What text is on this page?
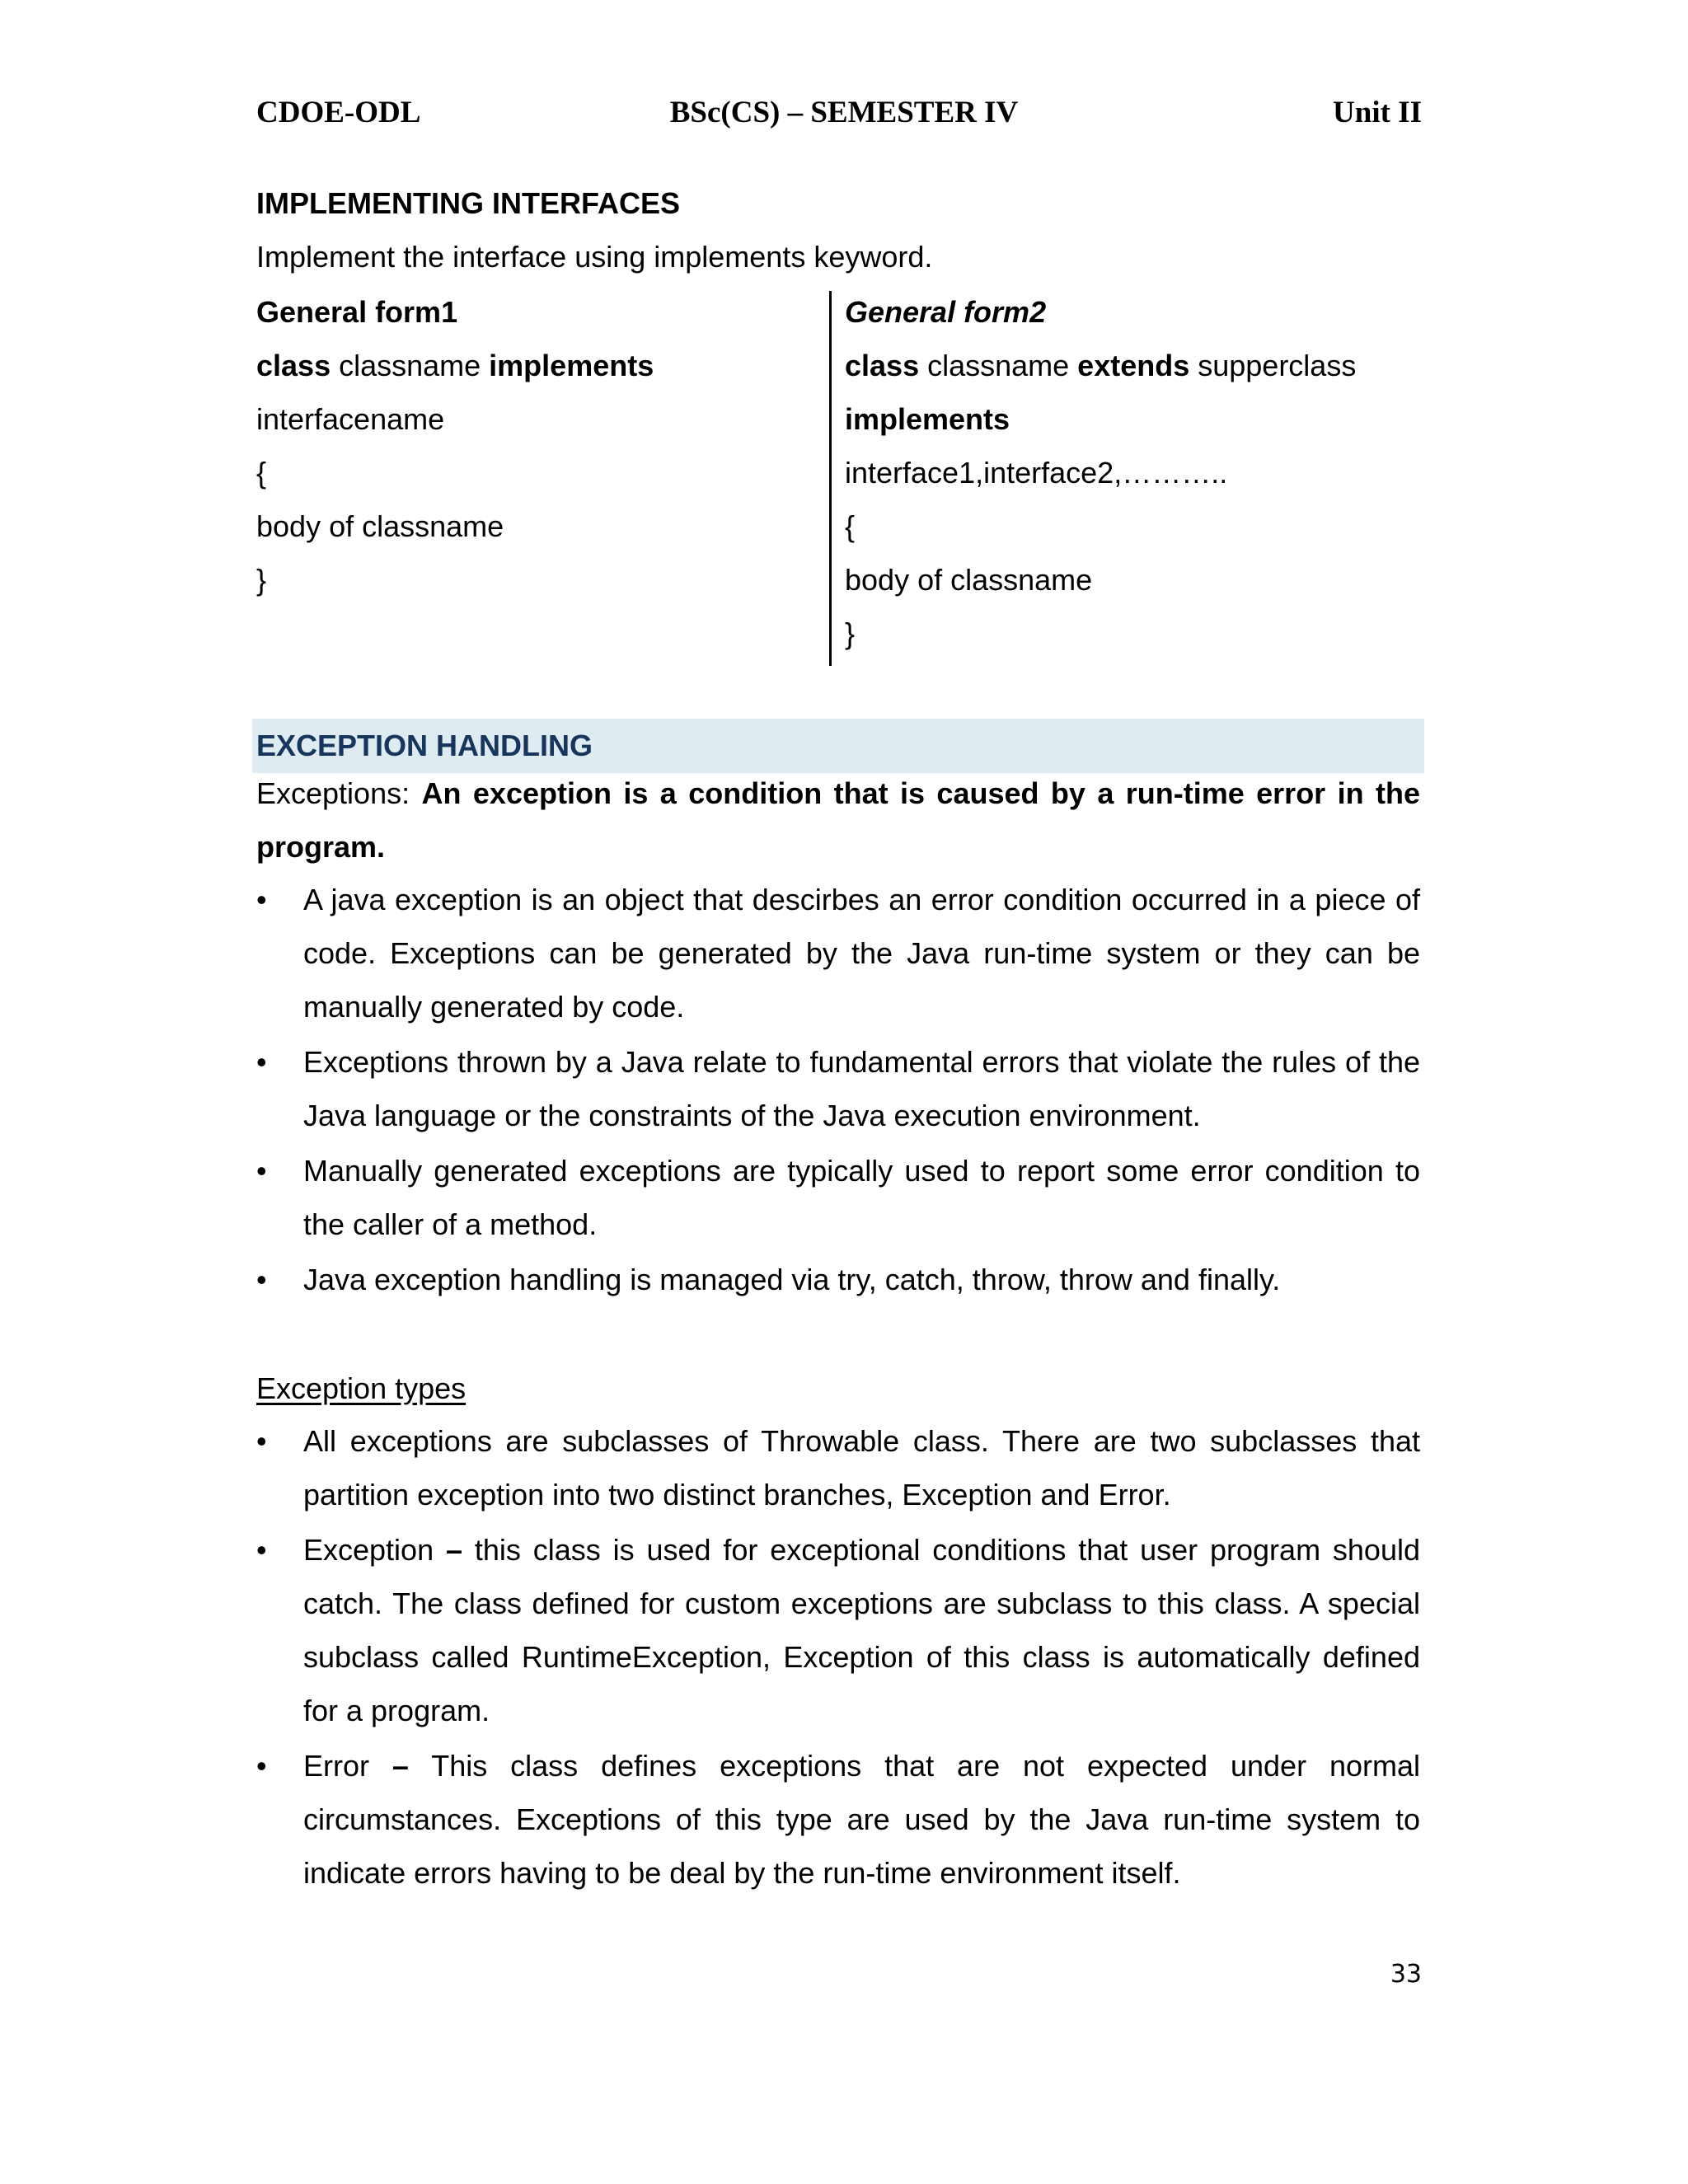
CDOE-ODL	BSc(CS) – SEMESTER IV	Unit II
IMPLEMENTING INTERFACES
Implement the interface using implements keyword.
General form1
class classname implements
interfacename
{
body of classname
}
General form2
class classname extends supperclass
implements
interface1,interface2,………..
{
body of classname
}
EXCEPTION HANDLING
Exceptions: An exception is a condition that is caused by a run-time error in the program.
•	A java exception is an object that descirbes an error condition occurred in a piece of code. Exceptions can be generated by the Java run-time system or they can be manually generated by code.
•	Exceptions thrown by a Java relate to fundamental errors that violate the rules of the Java language or the constraints of the Java execution environment.
•	Manually generated exceptions are typically used to report some error condition to the caller of a method.
•	Java exception handling is managed via try, catch, throw, throw and finally.
Exception types
•	All exceptions are subclasses of Throwable class. There are two subclasses that partition exception into two distinct branches, Exception and Error.
•	Exception – this class is used for exceptional conditions that user program should catch. The class defined for custom exceptions are subclass to this class. A special subclass called RuntimeException, Exception of this class is automatically defined for a program.
•	Error – This class defines exceptions that are not expected under normal circumstances. Exceptions of this type are used by the Java run-time system to indicate errors having to be deal by the run-time environment itself.
33
